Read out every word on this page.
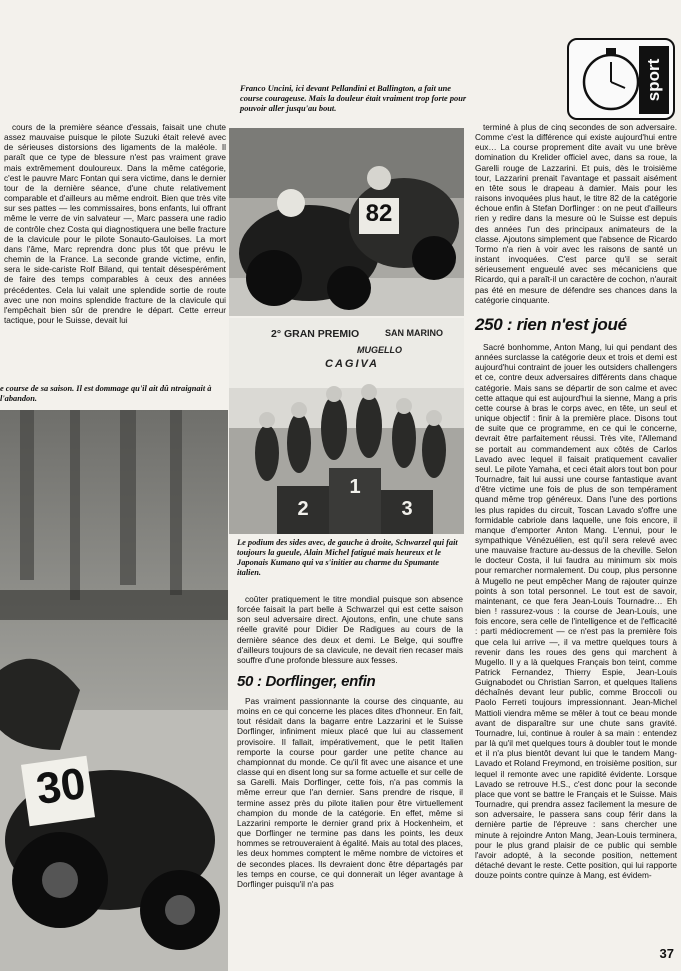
cours de la première séance d'essais, faisait une chute assez mauvaise puisque le pilote Suzuki était relevé avec de sérieuses distorsions des ligaments de la maléole. Il paraît que ce type de blessure n'est pas vraiment grave mais extrêmement douloureux. Dans la même catégorie, c'est le pauvre Marc Fontan qui sera victime, dans le dernier tour de la dernière séance, d'une chute relativement comparable et d'ailleurs au même endroit. Bien que très vite sur ses pattes — les commissaires, bons enfants, lui offrant même le verre de vin salvateur —, Marc passera une radio de contrôle chez Costa qui diagnostiquera une belle fracture de la clavicule pour le pilote Sonauto-Gauloises. La mort dans l'âme, Marc reprendra donc plus tôt que prévu le chemin de la France. La seconde grande victime, enfin, sera le side-cariste Rolf Biland, qui tentait désespérément de faire des temps comparables à ceux des années précédentes. Cela lui valait une splendide sortie de route avec une non moins splendide fracture de la clavicule qui l'empêchait bien sûr de prendre le départ. Cette erreur tactique, pour le Suisse, devait lui

e course de sa saison. Il est dommage qu'il ait dû ntraignait à l'abandon.
30
Franco Uncini, ici devant Pellandini et Ballington, a fait une course courageuse. Mais la douleur était vraiment trop forte pour pouvoir aller jusqu'au bout.
82
2° GRAN PREMIO	SAN MARINO
MUGELLO
CAGIVA
2
1
3
Le podium des sides avec, de gauche à droite, Schwarzel qui fait toujours la gueule, Alain Michel fatigué mais heureux et le Japonais Kumano qui va s'initier au charme du Spumante italien.

coûter pratiquement le titre mondial puisque son absence forcée faisait la part belle à Schwarzel qui est cette saison son seul adversaire direct. Ajoutons, enfin, une chute sans réelle gravité pour Didier De Radigues au cours de la dernière séance des deux et demi. Le Belge, qui souffre d'ailleurs toujours de sa clavicule, ne devait rien recaser mais souffre d'une profonde blessure aux fesses.

50 : Dorflinger, enfin

Pas vraiment passionnante la course des cinquante, au moins en ce qui concerne les places dites d'honneur. En fait, tout résidait dans la bagarre entre Lazzarini et le Suisse Dorflinger, infiniment mieux placé que lui au classement provisoire. Il fallait, impérativement, que le petit Italien remporte la course pour garder une petite chance au championnat du monde. Ce qu'il fit avec une aisance et une classe qui en disent long sur sa forme actuelle et sur celle de sa Garelli. Mais Dorflinger, cette fois, n'a pas commis la même erreur que l'an dernier. Sans prendre de risque, il termine assez près du pilote italien pour être virtuellement champion du monde de la catégorie. En effet, même si Lazzarini remporte le dernier grand prix à Hockenheim, et que Dorflinger ne termine pas dans les points, les deux hommes se retrouveraient à égalité. Mais au total des places, les deux hommes comptent le même nombre de victoires et de secondes places. Ils devraient donc être départagés par les temps en course, ce qui donnerait un léger avantage à Dorflinger puisqu'il n'a pas

sport

terminé à plus de cinq secondes de son adversaire. Comme c'est la différence qui existe aujourd'hui entre eux… La course proprement dite avait vu une brève domination du Krelider officiel avec, dans sa roue, la Garelli rouge de Lazzarini. Et puis, dès le troisième tour, Lazzarini prenait l'avantage et passait aisément en tête sous le drapeau à damier. Mais pour les raisons invoquées plus haut, le titre 82 de la catégorie échoue enfin à Stefan Dorflinger : on ne peut d'ailleurs rien y redire dans la mesure où le Suisse est depuis des années l'un des principaux animateurs de la classe. Ajoutons simplement que l'absence de Ricardo Tormo n'a rien à voir avec les raisons de santé un instant invoquées. C'est parce qu'il se serait sérieusement engueulé avec ses mécaniciens que Ricardo, qui a paraît-il un caractère de cochon, n'aurait pas été en mesure de défendre ses chances dans la catégorie cinquante.

250 : rien n'est joué

Sacré bonhomme, Anton Mang, lui qui pendant des années surclasse la catégorie deux et trois et demi est aujourd'hui contraint de jouer les outsiders challengers et ce, contre deux adversaires différents dans chaque catégorie. Mais sans se départir de son calme et avec cette attaque qui est aujourd'hui la sienne, Mang a pris cette course à bras le corps avec, en tête, un seul et unique objectif : finir à la première place. Disons tout de suite que ce programme, en ce qui le concerne, devrait être parfaitement réussi. Très vite, l'Allemand se portait au commandement aux côtés de Carlos Lavado avec lequel il faisait pratiquement cavalier seul. Le pilote Yamaha, et ceci était alors tout bon pour Tournadre, fait lui aussi une course fantastique avant d'être victime une fois de plus de son tempérament quand même trop généreux. Dans l'une des portions les plus rapides du circuit, Toscan Lavado s'offre une formidable cabriole dans laquelle, une fois encore, il manque d'emporter Anton Mang. L'ennui, pour le sympathique Vénézuélien, est qu'il sera relevé avec une mauvaise fracture au-dessus de la cheville. Selon le docteur Costa, il lui faudra au minimum six mois pour remarcher normalement. Du coup, plus personne à Mugello ne peut empêcher Mang de rajouter quinze points à son total personnel. Le tout est de savoir, maintenant, ce que fera Jean-Louis Tournadre… Eh bien ! rassurez-vous : la course de Jean-Louis, une fois encore, sera celle de l'intelligence et de l'efficacité : parti médiocrement — ce n'est pas la première fois que cela lui arrive —, il va mettre quelques tours à revenir dans les roues des gens qui marchent à Mugello. Il y a là quelques Français bon teint, comme Patrick Fernandez, Thierry Espie, Jean-Louis Guignabodet ou Christian Sarron, et quelques Italiens déchaînés devant leur public, comme Broccoli ou Paolo Ferreti toujours impressionnant. Jean-Michel Mattioli viendra même se mêler à tout ce beau monde avant de disparaître sur une chute sans gravité. Tournadre, lui, continue à rouler à sa main : entendez par là qu'il met quelques tours à doubler tout le monde et il n'a plus bientôt devant lui que le tandem Mang-Lavado et Roland Freymond, en troisième position, sur lequel il remonte avec une rapidité évidente. Lorsque Lavado se retrouve H.S., c'est donc pour la seconde place que vont se battre le Français et le Suisse. Mais Tournadre, qui prendra assez facilement la mesure de son adversaire, le passera sans coup férir dans la dernière partie de l'épreuve : sans chercher une minute à rejoindre Anton Mang, Jean-Louis terminera, pour le plus grand plaisir de ce public qui semble l'avoir adopté, à la seconde position, nettement détaché devant le reste. Cette position, qui lui rapporte douze points contre quinze à Mang, est évidem-

37
